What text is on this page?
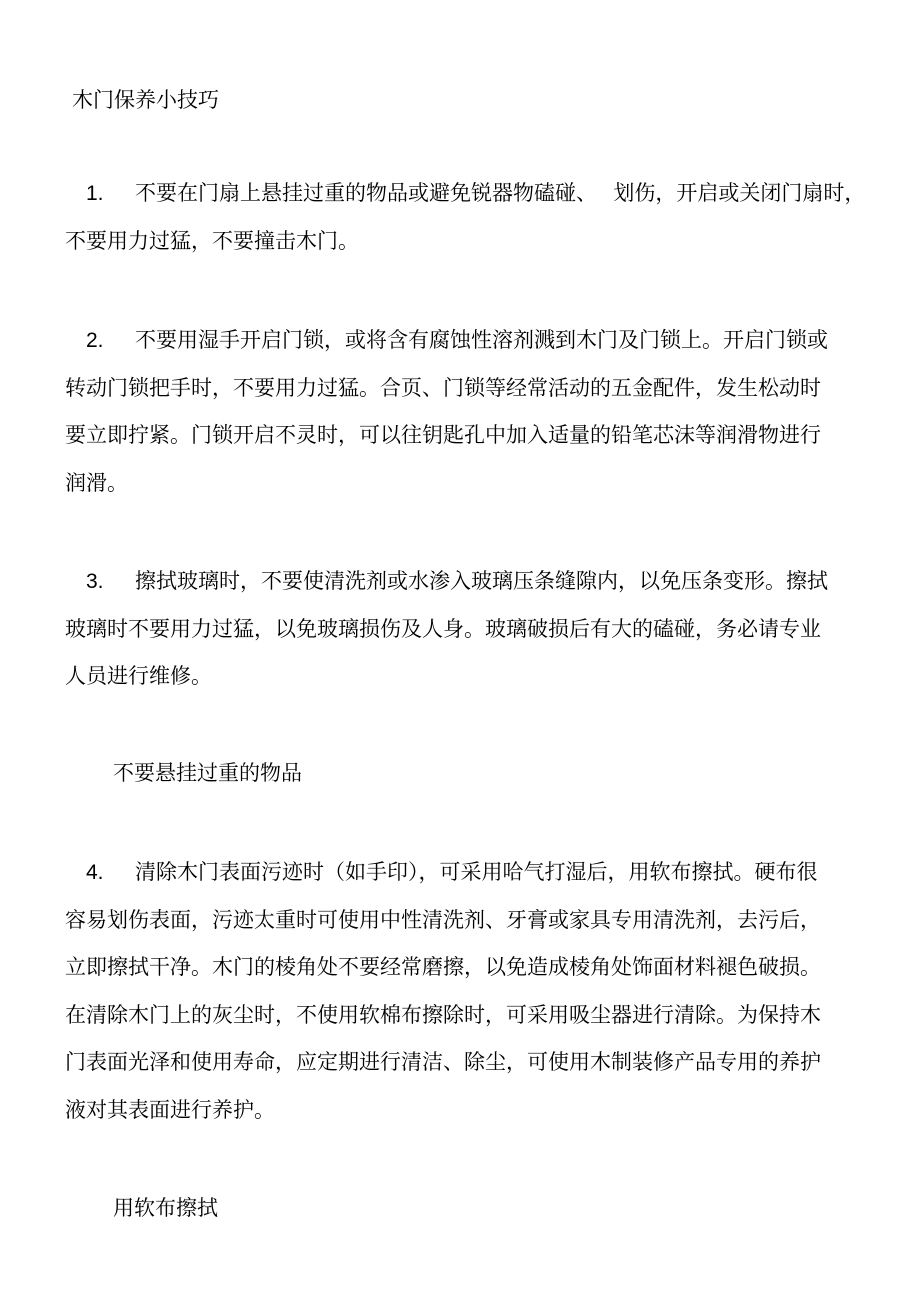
木门保养小技巧
1. 不要在门扇上悬挂过重的物品或避免锐器物磕碰、　 划伤，开启或关闭门扇时，
不要用力过猛，不要撞击木门。
2. 不要用湿手开启门锁，或将含有腐蚀性溶剂溅到木门及门锁上。开启门锁或
转动门锁把手时，不要用力过猛。合页、门锁等经常活动的五金配件，发生松动时
要立即拧紧。门锁开启不灵时，可以往钥匙孔中加入适量的铅笔芯沫等润滑物进行
润滑。
3. 擦拭玻璃时，不要使清洗剂或水渗入玻璃压条缝隙内，以免压条变形。擦拭
玻璃时不要用力过猛，以免玻璃损伤及人身。玻璃破损后有大的磕碰，务必请专业
人员进行维修。
不要悬挂过重的物品
4. 清除木门表面污迹时（如手印），可采用哈气打湿后，用软布擦拭。硬布很
容易划伤表面，污迹太重时可使用中性清洗剂、牙膏或家具专用清洗剂，去污后，
立即擦拭干净。木门的棱角处不要经常磨擦，以免造成棱角处饰面材料褪色破损。
在清除木门上的灰尘时，不使用软棉布擦除时，可采用吸尘器进行清除。为保持木
门表面光泽和使用寿命，应定期进行清洁、除尘，可使用木制装修产品专用的养护
液对其表面进行养护。
用软布擦拭
